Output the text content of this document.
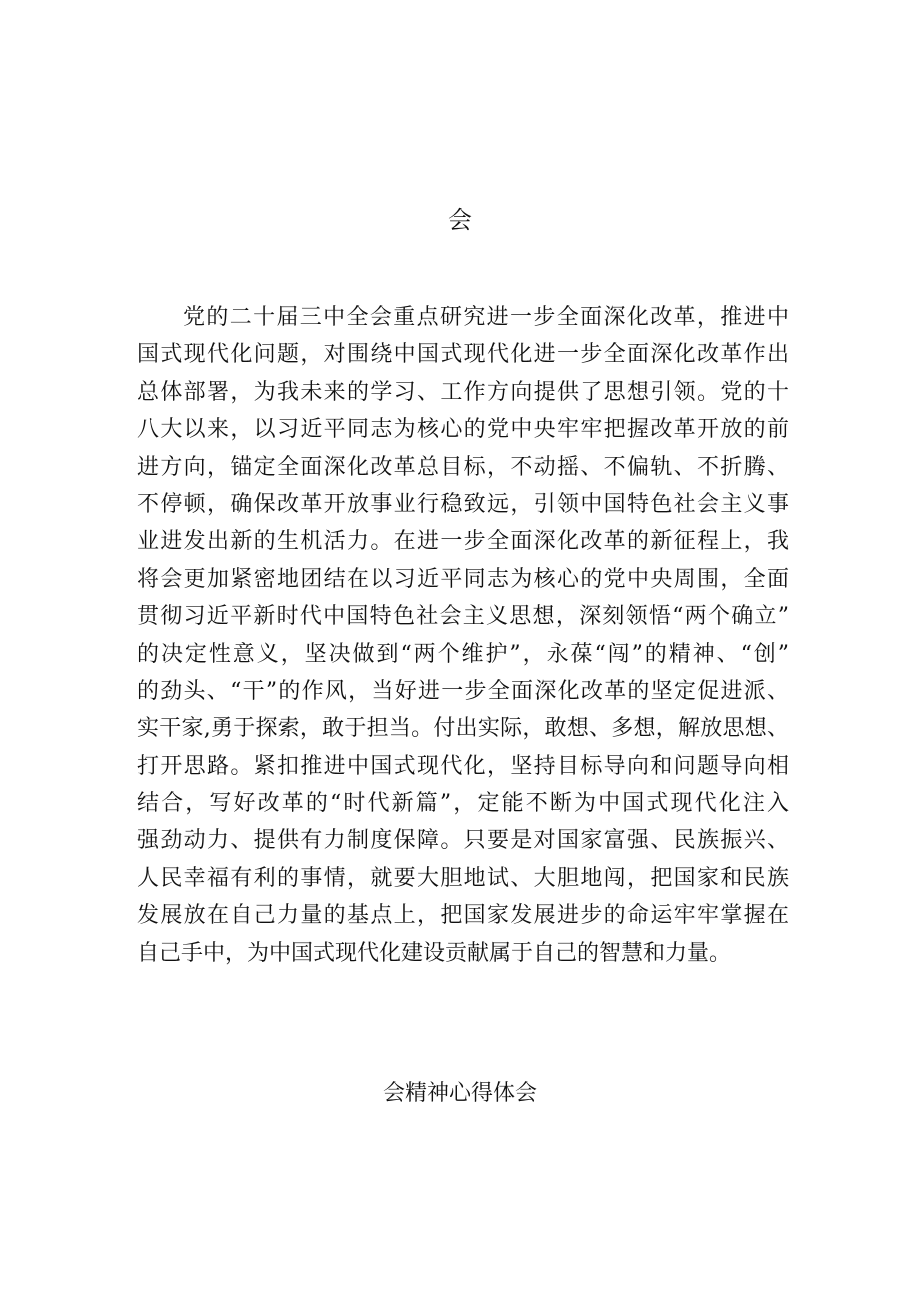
会
党的二十届三中全会重点研究进一步全面深化改革，推进中
国式现代化问题，对围绕中国式现代化进一步全面深化改革作出
总体部署，为我未来的学习、工作方向提供了思想引领。党的十
八大以来，以习近平同志为核心的党中央牢牢把握改革开放的前
进方向，锚定全面深化改革总目标，不动摇、不偏轨、不折腾、
不停顿，确保改革开放事业行稳致远，引领中国特色社会主义事
业进发出新的生机活力。在进一步全面深化改革的新征程上，我
将会更加紧密地团结在以习近平同志为核心的党中央周围，全面
贯彻习近平新时代中国特色社会主义思想，深刻领悟“两个确立”
的决定性意义，坚决做到“两个维护”，永葆“闯”的精神、“创”
的劲头、“干”的作风，当好进一步全面深化改革的坚定促进派、
实干家,勇于探索，敢于担当。付出实际，敢想、多想，解放思想、
打开思路。紧扣推进中国式现代化，坚持目标导向和问题导向相
结合，写好改革的“时代新篇”，定能不断为中国式现代化注入
强劲动力、提供有力制度保障。只要是对国家富强、民族振兴、
人民幸福有利的事情，就要大胆地试、大胆地闯，把国家和民族
发展放在自己力量的基点上，把国家发展进步的命运牢牢掌握在
自己手中，为中国式现代化建设贡献属于自己的智慧和力量。
会精神心得体会
